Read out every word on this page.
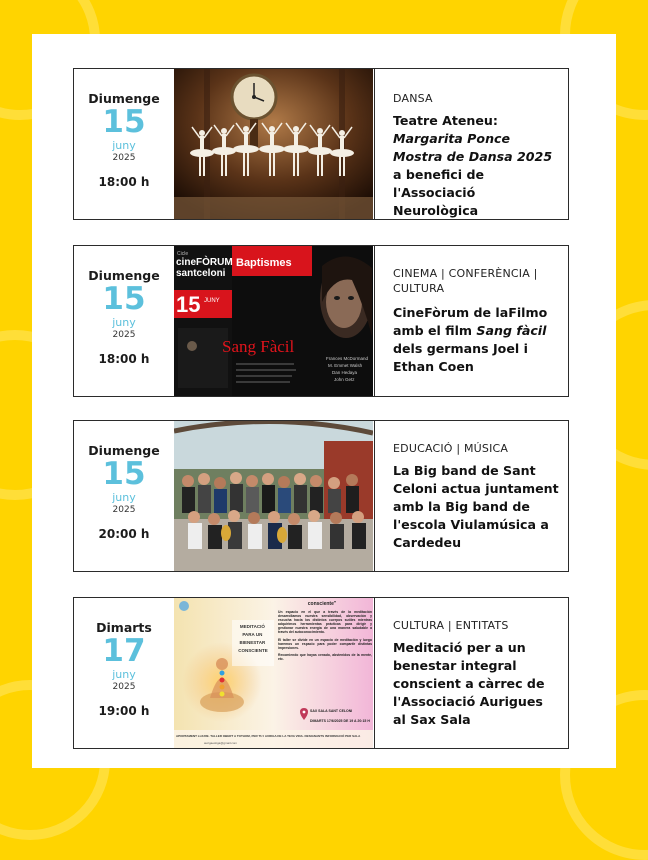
Diumenge
15
juny
2025
18:00 h
DANSA
Teatre Ateneu:
Margarita Ponce Mostra de Dansa 2025 a benefici de l'Associació Neurològica
Diumenge
15
juny
2025
18:00 h
Cicle
cineFÒRUM
santceloni
Baptismes
15 JUNY
Sang Fàcil
Frances McDormand
M. Emmet Walsh
Dan Hedaya
John Getz
CINEMA | CONFERÈNCIA | CULTURA
CineFòrum de laFilmo amb el film Sang fàcil dels germans Joel i Ethan Coen
Diumenge
15
juny
2025
20:00 h
EDUCACIÓ | MÚSICA
La Big band de Sant Celoni actua juntament amb la Big band de l'escola Viulamúsica a Cardedeu
Dimarts
17
juny
2025
19:00 h
MEDITACIÓ PARA UN BIENESTAR CONSCIENTE
consciente"
Un espacio en el que a través de la meditación desarrollamos nuestra sensibilidad, observación y escucha hacia los distintos cuerpos sutiles mientras adquirimos herramientas prácticas para dirigir y gestionar nuestra energía de una manera saludable a través del autoconocimiento.
El taller se divide en un espacio de meditación y luego haremos un espacio para poder compartir distintas impresiones.
Recomiendo que hayas cenado, abstenidos de la mente, etc.
SAX SALA SANT CELONI
DIMARTS 17/6/2025 DE 19 A 20:15 H
APORTAMENT LLIURE. TALLER OBERT A TOTHOM, PER TU I AURIGA DE LA TEVA VIDA. DESIGNANTS INFORMACIÓ PER SALA
aurigaestiga@gmail.com
CULTURA | ENTITATS
Meditació per a un benestar integral conscient a càrrec de l'Associació Aurigues al Sax Sala
